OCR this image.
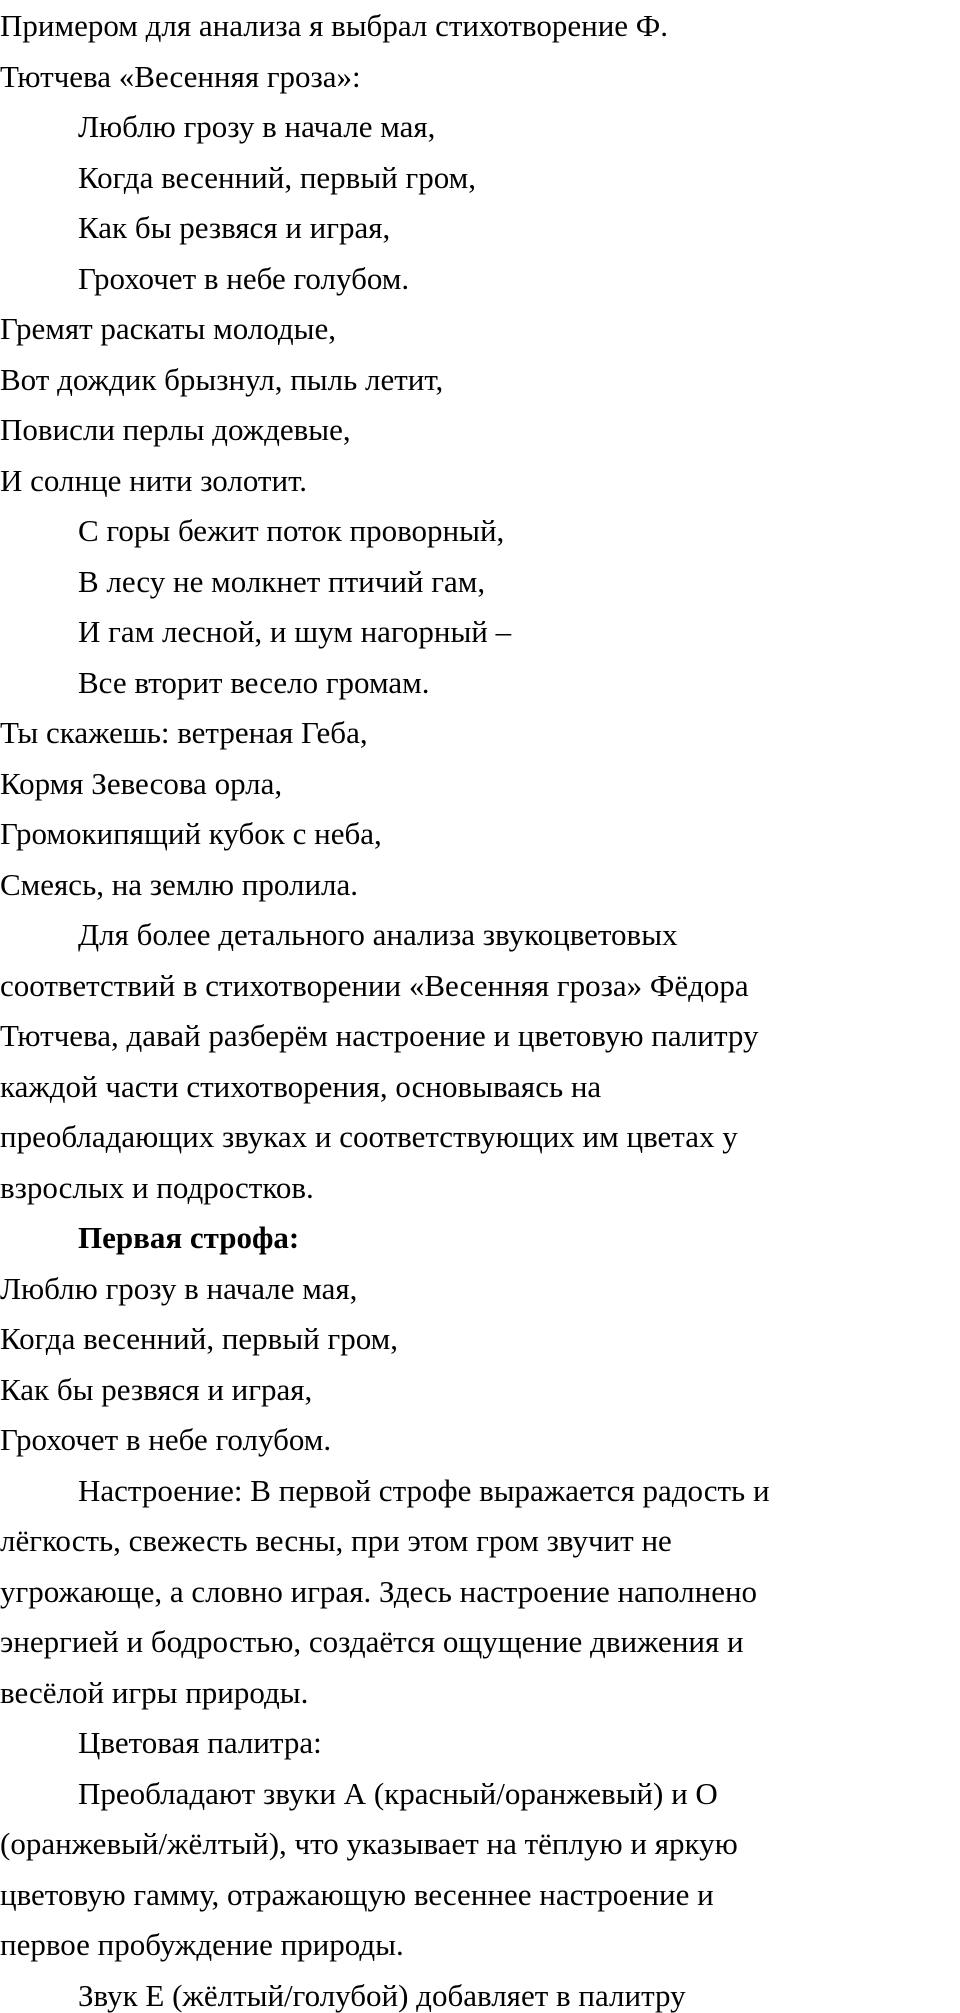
Примером для анализа я выбрал стихотворение Ф.
Тютчева «Весенняя гроза»:
Люблю грозу в начале мая,
Когда весенний, первый гром,
Как бы резвяся и играя,
Грохочет в небе голубом.
Гремят раскаты молодые,
Вот дождик брызнул, пыль летит,
Повисли перлы дождевые,
И солнце нити золотит.
С горы бежит поток проворный,
В лесу не молкнет птичий гам,
И гам лесной, и шум нагорный –
Все вторит весело громам.
Ты скажешь: ветреная Геба,
Кормя Зевесова орла,
Громокипящий кубок с неба,
Смеясь, на землю пролила.
Для более детального анализа звукоцветовых
соответствий в стихотворении «Весенняя гроза» Фёдора
Тютчева, давай разберём настроение и цветовую палитру
каждой части стихотворения, основываясь на
преобладающих звуках и соответствующих им цветах у
взрослых и подростков.
Первая строфа:
Люблю грозу в начале мая,
Когда весенний, первый гром,
Как бы резвяся и играя,
Грохочет в небе голубом.
Настроение: В первой строфе выражается радость и
лёгкость, свежесть весны, при этом гром звучит не
угрожающе, а словно играя. Здесь настроение наполнено
энергией и бодростью, создаётся ощущение движения и
весёлой игры природы.
Цветовая палитра:
Преобладают звуки А (красный/оранжевый) и О
(оранжевый/жёлтый), что указывает на тёплую и яркую
цветовую гамму, отражающую весеннее настроение и
первое пробуждение природы.
Звук Е (жёлтый/голубой) добавляет в палитру
